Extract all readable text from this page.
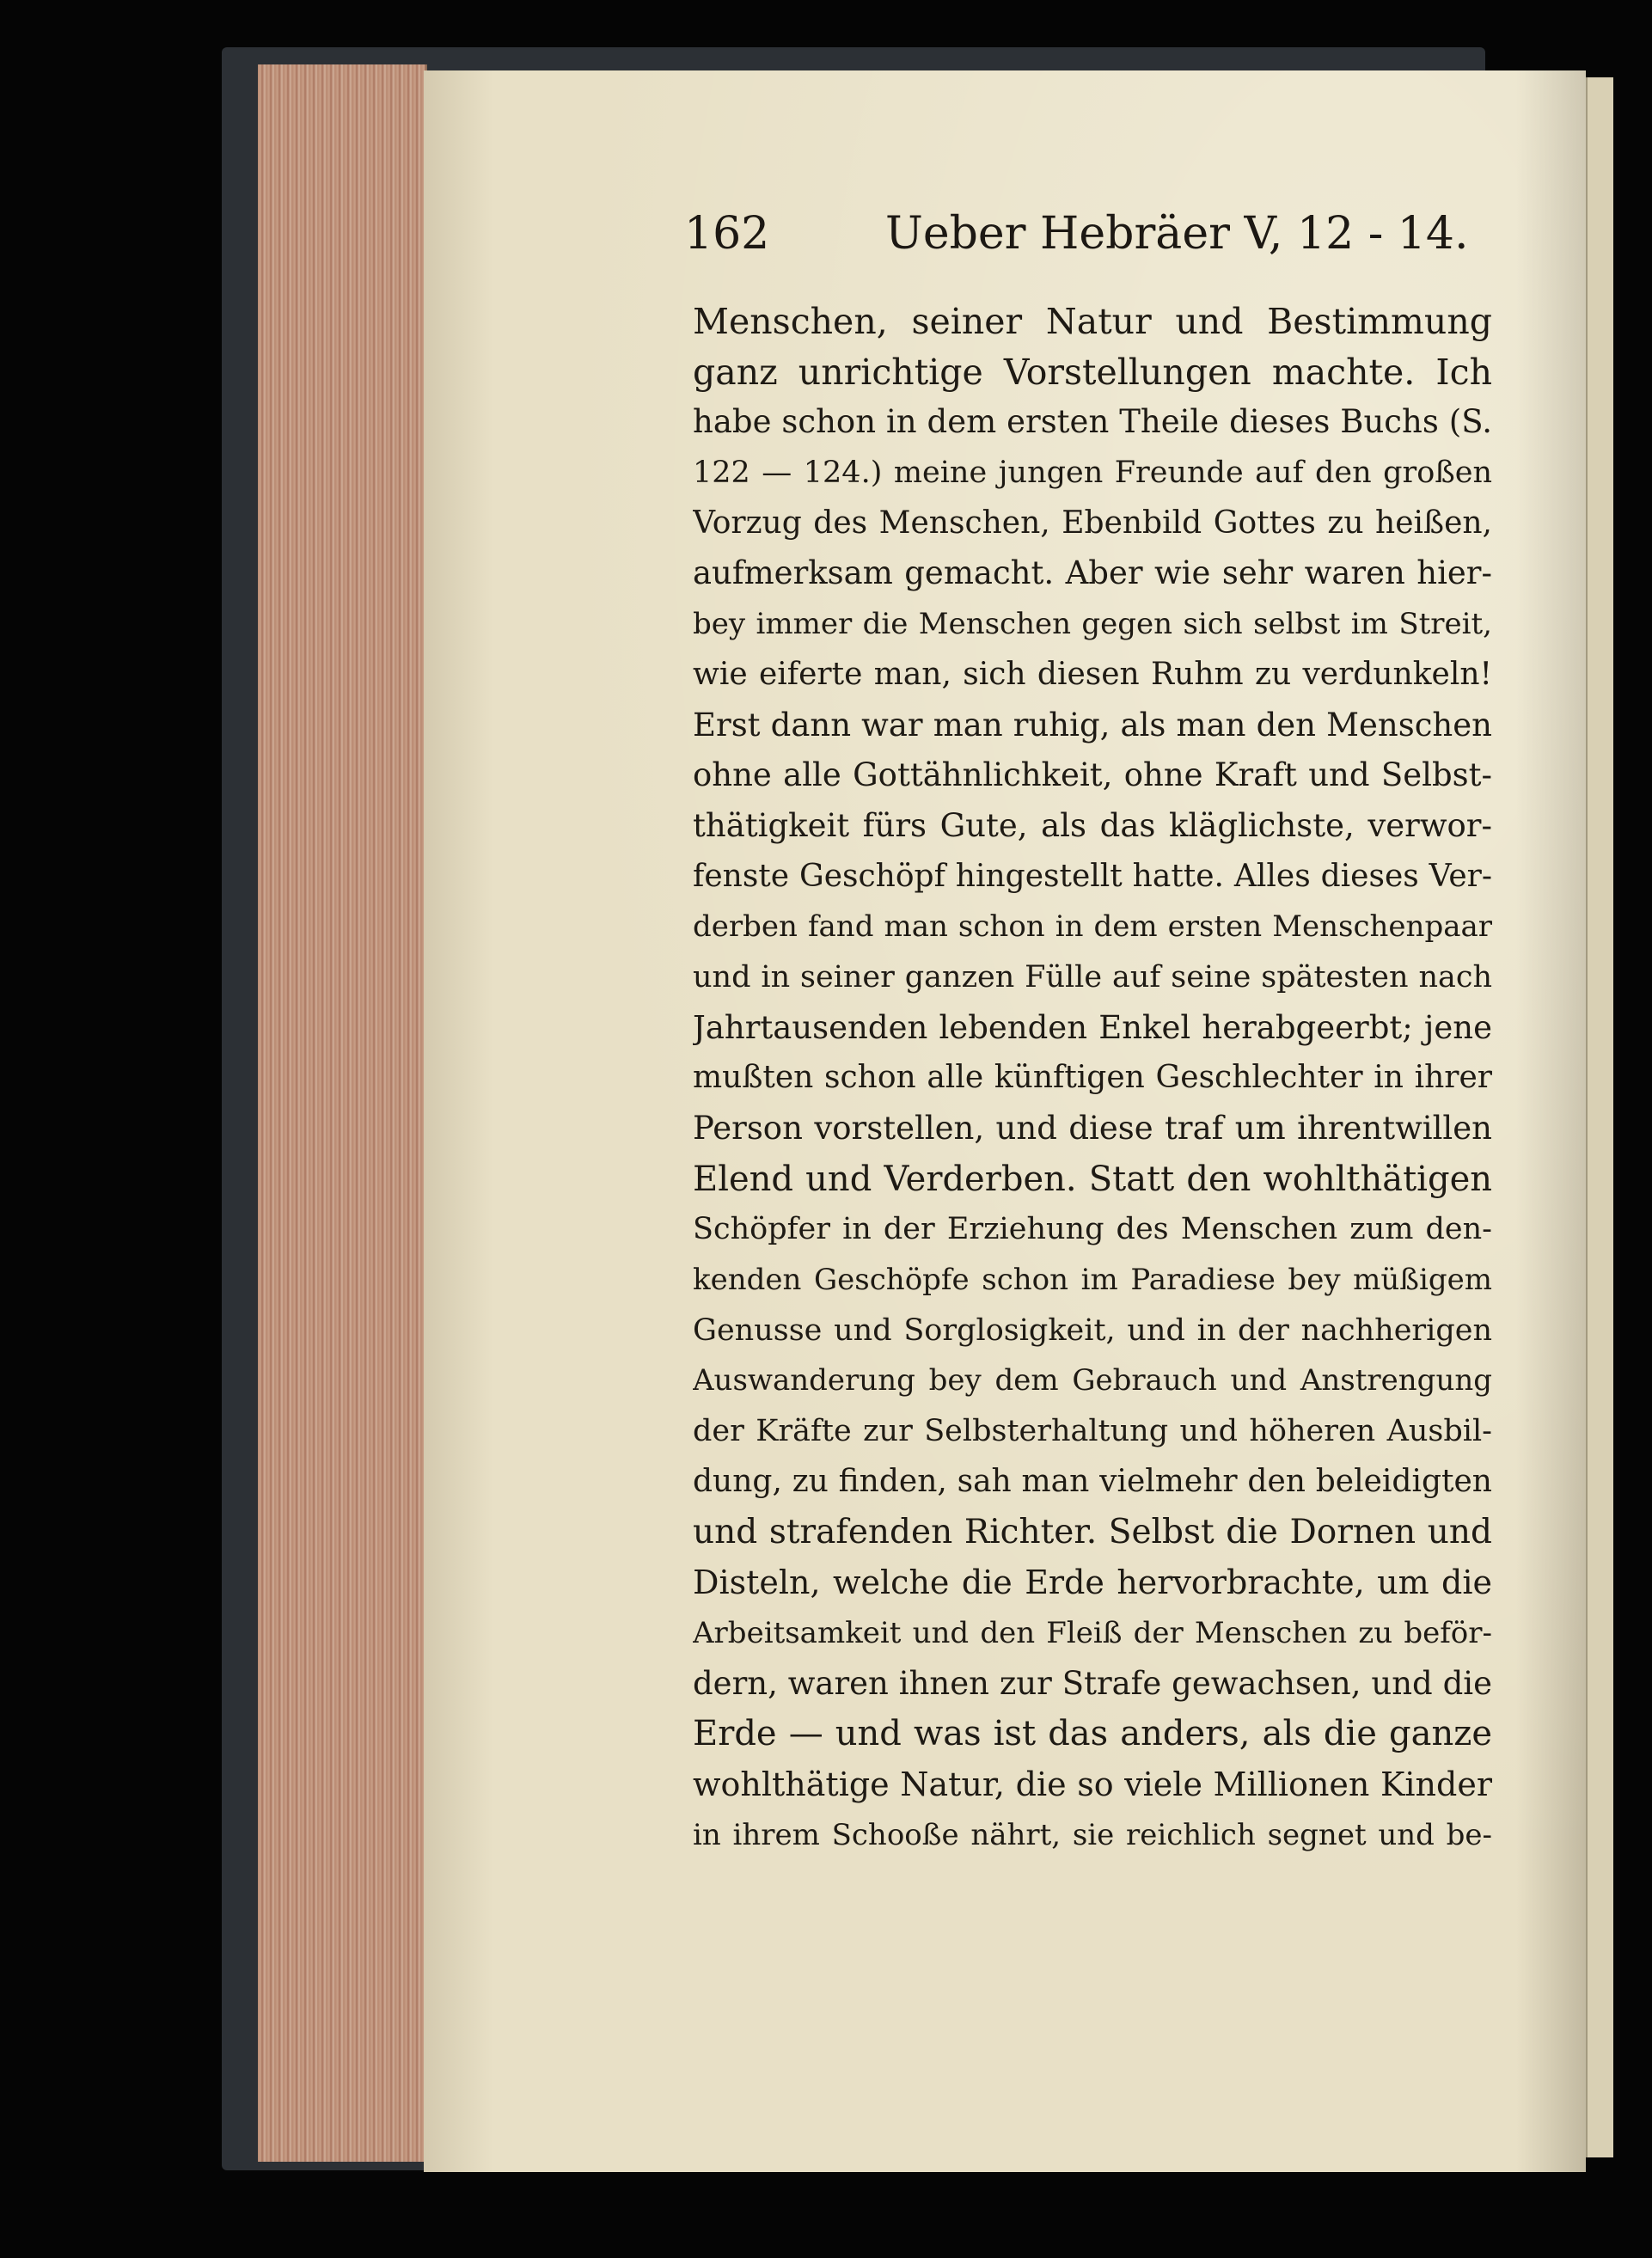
162	Ueber Hebräer V, 12 - 14.
Menschen, seiner Natur und Bestimmung
ganz unrichtige Vorstellungen machte. Ich
habe schon in dem ersten Theile dieses Buchs (S.
122 — 124.) meine jungen Freunde auf den großen
Vorzug des Menschen, Ebenbild Gottes zu heißen,
aufmerksam gemacht. Aber wie sehr waren hier-
bey immer die Menschen gegen sich selbst im Streit,
wie eiferte man, sich diesen Ruhm zu verdunkeln!
Erst dann war man ruhig, als man den Menschen
ohne alle Gottähnlichkeit, ohne Kraft und Selbst-
thätigkeit fürs Gute, als das kläglichste, verwor-
fenste Geschöpf hingestellt hatte. Alles dieses Ver-
derben fand man schon in dem ersten Menschenpaar
und in seiner ganzen Fülle auf seine spätesten nach
Jahrtausenden lebenden Enkel herabgeerbt; jene
mußten schon alle künftigen Geschlechter in ihrer
Person vorstellen, und diese traf um ihrentwillen
Elend und Verderben. Statt den wohlthätigen
Schöpfer in der Erziehung des Menschen zum den-
kenden Geschöpfe schon im Paradiese bey müßigem
Genusse und Sorglosigkeit, und in der nachherigen
Auswanderung bey dem Gebrauch und Anstrengung
der Kräfte zur Selbsterhaltung und höheren Ausbil-
dung, zu finden, sah man vielmehr den beleidigten
und strafenden Richter. Selbst die Dornen und
Disteln, welche die Erde hervorbrachte, um die
Arbeitsamkeit und den Fleiß der Menschen zu beför-
dern, waren ihnen zur Strafe gewachsen, und die
Erde — und was ist das anders, als die ganze
wohlthätige Natur, die so viele Millionen Kinder
in ihrem Schooße nährt, sie reichlich segnet und be-
